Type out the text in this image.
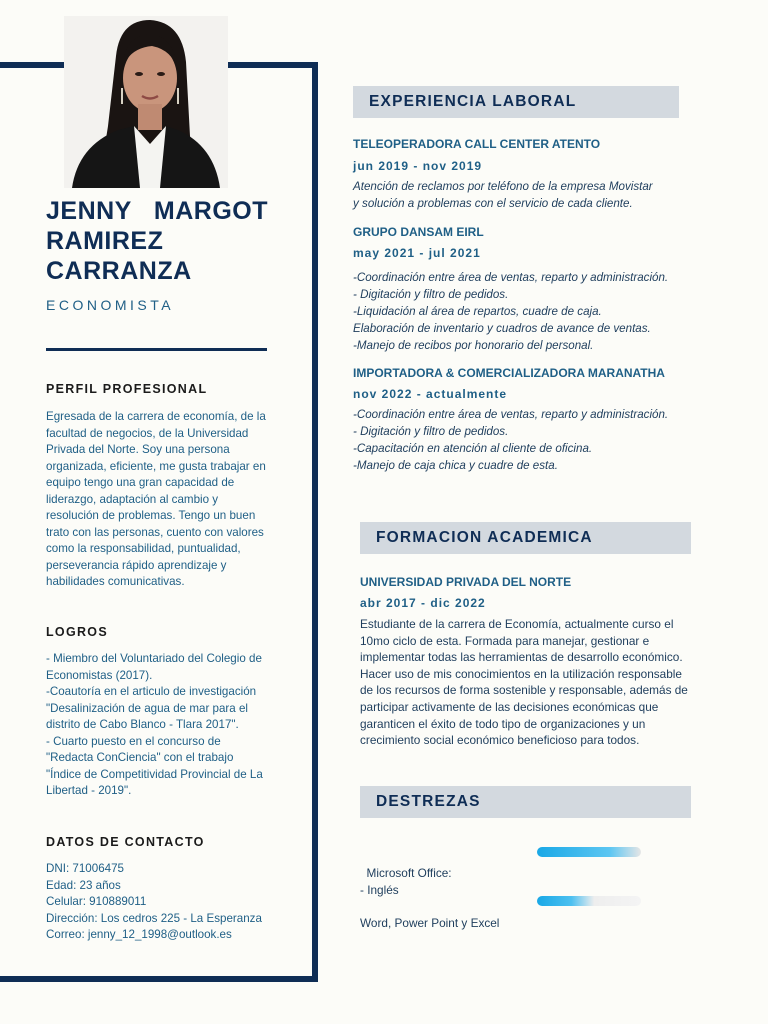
JENNY MARGOT
RAMIREZ
CARRANZA
ECONOMISTA
PERFIL PROFESIONAL

Egresada de la carrera de economía, de la facultad de negocios, de la Universidad Privada del Norte. Soy una persona organizada, eficiente, me gusta trabajar en equipo tengo una gran capacidad de liderazgo, adaptación al cambio y resolución de problemas. Tengo un buen trato con las personas, cuento con valores como la responsabilidad, puntualidad, perseverancia rápido aprendizaje y habilidades comunicativas.

LOGROS
- Miembro del Voluntariado del Colegio de Economistas (2017).
-Coautoría en el articulo de investigación "Desalinización de agua de mar para el distrito de Cabo Blanco - Tlara 2017".
- Cuarto puesto en el concurso de "Redacta ConCiencia" con el trabajo "Índice de Competitividad Provincial de La Libertad - 2019".
DATOS DE CONTACTO
DNI: 71006475
Edad: 23 años
Celular: 910889011
Dirección: Los cedros 225 - La Esperanza
Correo: jenny_12_1998@outlook.es
EXPERIENCIA LABORAL
TELEOPERADORA CALL CENTER ATENTO
jun 2019 - nov 2019
Atención de reclamos por teléfono de la empresa Movistar
y solución a problemas con el servicio de cada cliente.
GRUPO DANSAM EIRL
may 2021 - jul 2021
-Coordinación entre área de ventas, reparto y administración.
- Digitación y filtro de pedidos.
-Liquidación al área de repartos, cuadre de caja.
Elaboración de inventario y cuadros de avance de ventas.
-Manejo de recibos por honorario del personal.
IMPORTADORA & COMERCIALIZADORA MARANATHA
nov 2022 - actualmente
-Coordinación entre área de ventas, reparto y administración.
- Digitación y filtro de pedidos.
-Capacitación en atención al cliente de oficina.
-Manejo de caja chica y cuadre de esta.
FORMACION ACADEMICA
UNIVERSIDAD PRIVADA DEL NORTE
abr 2017 - dic 2022

Estudiante de la carrera de Economía, actualmente curso el 10mo ciclo de esta. Formada para manejar, gestionar e implementar todas las herramientas de desarrollo económico. Hacer uso de mis conocimientos en la utilización responsable de los recursos de forma sostenible y responsable, además de participar activamente de las decisiones económicas que garanticen el éxito de todo tipo de organizaciones y un crecimiento social económico beneficioso para todos.

DESTREZAS

Microsoft Office:

Word, Power Point y Excel

- Inglés
